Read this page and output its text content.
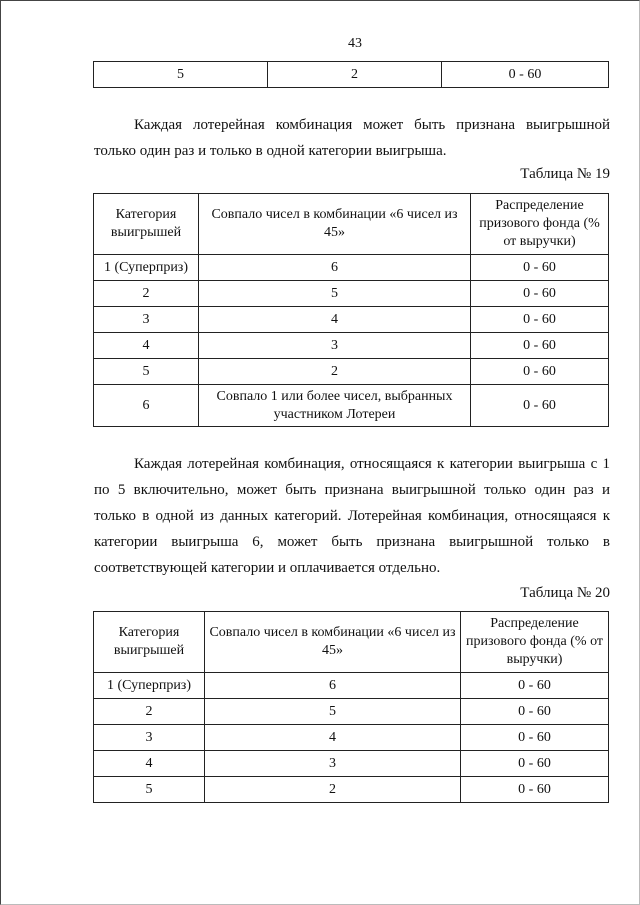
43
5	2	0 - 60

Каждая лотерейная комбинация может быть признана выигрышной только один раз и только в одной категории выигрыша.

Таблица № 19
Категория выигрышей	Совпало чисел в комбинации «6 чисел из 45»	Распределение призового фонда (% от выручки)
1 (Суперприз)	6	0 - 60
2	5	0 - 60
3	4	0 - 60
4	3	0 - 60
5	2	0 - 60
6	Совпало 1 или более чисел, выбранных участником Лотереи	0 - 60

Каждая лотерейная комбинация, относящаяся к категории выигрыша с 1 по 5 включительно, может быть признана выигрышной только один раз и только в одной из данных категорий. Лотерейная комбинация, относящаяся к категории выигрыша 6, может быть признана выигрышной только в соответствующей категории и оплачивается отдельно.

Таблица № 20
Категория выигрышей	Совпало чисел в комбинации «6 чисел из 45»	Распределение призового фонда (% от выручки)
1 (Суперприз)	6	0 - 60
2	5	0 - 60
3	4	0 - 60
4	3	0 - 60
5	2	0 - 60
